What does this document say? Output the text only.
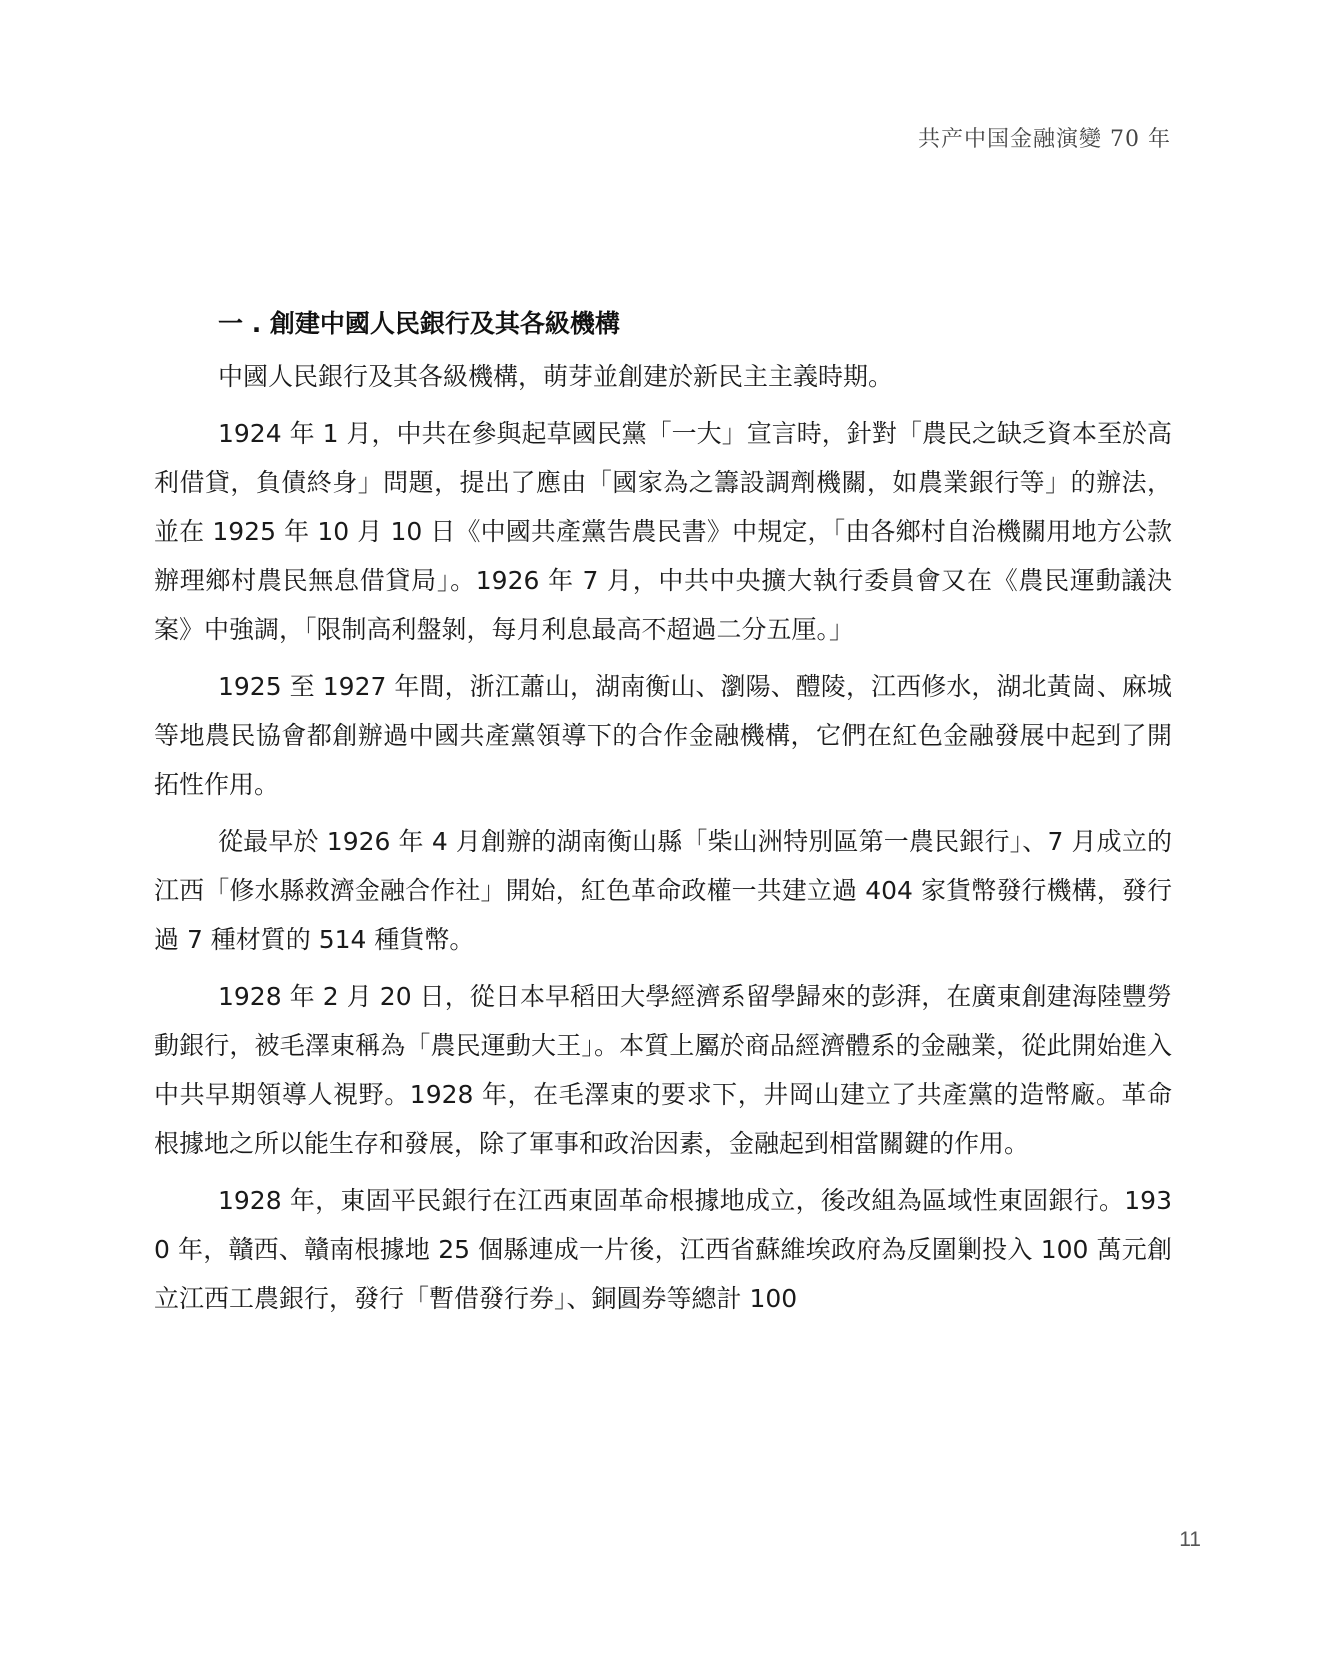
共产中国金融演變 70 年
一 . 創建中國人民銀行及其各級機構

中國人民銀行及其各級機構，萌芽並創建於新民主主義時期。

1924 年 1 月，中共在參與起草國民黨「一大」宣言時，針對「農民之缺乏資本至於高利借貸，負債終身」問題，提出了應由「國家為之籌設調劑機關，如農業銀行等」的辦法，並在 1925 年 10 月 10 日《中國共產黨告農民書》中規定，「由各鄉村自治機關用地方公款辦理鄉村農民無息借貸局」。1926 年 7 月，中共中央擴大執行委員會又在《農民運動議決案》中強調，「限制高利盤剝，每月利息最高不超過二分五厘。」

1925 至 1927 年間，浙江蕭山，湖南衡山、瀏陽、醴陵，江西修水，湖北黃崗、麻城等地農民協會都創辦過中國共產黨領導下的合作金融機構，它們在紅色金融發展中起到了開拓性作用。

從最早於 1926 年 4 月創辦的湖南衡山縣「柴山洲特別區第一農民銀行」、7 月成立的江西「修水縣救濟金融合作社」開始，紅色革命政權一共建立過 404 家貨幣發行機構，發行過 7 種材質的 514 種貨幣。

1928 年 2 月 20 日，從日本早稻田大學經濟系留學歸來的彭湃，在廣東創建海陸豐勞動銀行，被毛澤東稱為「農民運動大王」。本質上屬於商品經濟體系的金融業，從此開始進入中共早期領導人視野。1928 年，在毛澤東的要求下，井岡山建立了共產黨的造幣廠。革命根據地之所以能生存和發展，除了軍事和政治因素，金融起到相當關鍵的作用。

1928 年，東固平民銀行在江西東固革命根據地成立，後改組為區域性東固銀行。1930 年，贛西、贛南根據地 25 個縣連成一片後，江西省蘇維埃政府為反圍剿投入 100 萬元創立江西工農銀行，發行「暫借發行券」、銅圓券等總計 100

11
